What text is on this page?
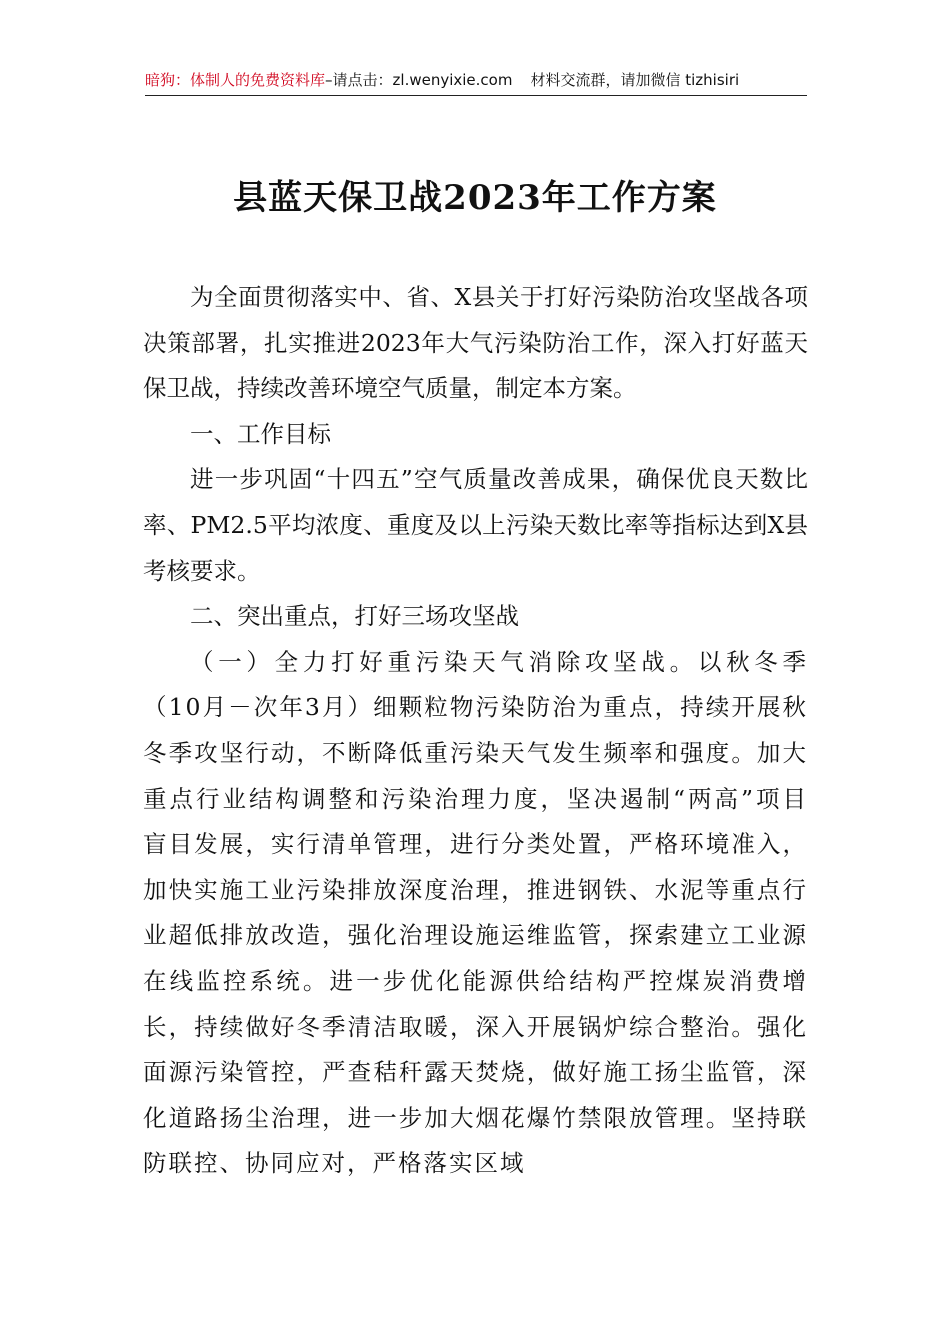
暗狗：体制人的免费资料库–请点击：zl.wenyixie.com 材料交流群，请加微信 tizhisiri
县蓝天保卫战2023年工作方案

为全面贯彻落实中、省、X县关于打好污染防治攻坚战各项决策部署，扎实推进2023年大气污染防治工作，深入打好蓝天保卫战，持续改善环境空气质量，制定本方案。

一、工作目标

进一步巩固“十四五”空气质量改善成果，确保优良天数比率、PM2.5平均浓度、重度及以上污染天数比率等指标达到X县考核要求。

二、突出重点，打好三场攻坚战

（一）全力打好重污染天气消除攻坚战。以秋冬季（10月－次年3月）细颗粒物污染防治为重点，持续开展秋冬季攻坚行动，不断降低重污染天气发生频率和强度。加大重点行业结构调整和污染治理力度，坚决遏制“两高”项目盲目发展，实行清单管理，进行分类处置，严格环境准入，加快实施工业污染排放深度治理，推进钢铁、水泥等重点行业超低排放改造，强化治理设施运维监管，探索建立工业源在线监控系统。进一步优化能源供给结构严控煤炭消费增长，持续做好冬季清洁取暖，深入开展锅炉综合整治。强化面源污染管控，严查秸秆露天焚烧，做好施工扬尘监管，深化道路扬尘治理，进一步加大烟花爆竹禁限放管理。坚持联防联控、协同应对，严格落实区域
